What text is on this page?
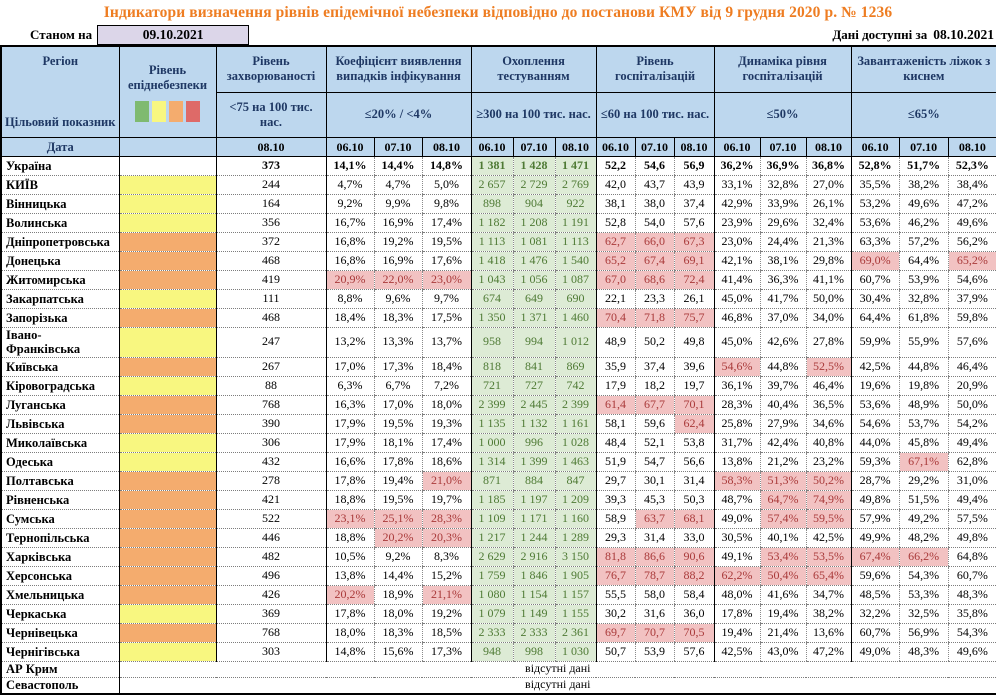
Індикатори визначення рівнів епідемічної небезпеки відповідно до постанови КМУ від 9 грудня 2020 р. № 1236
Станом на	09.10.2021	Дані доступні за 08.10.2021
Регіон
Цільовий показник	Рівень епіднебезпеки	Рівень захворюваності	Коефіцієнт виявлення випадків інфікування			Охоплення тестуванням			Рівень госпіталізацій			Динаміка рівня госпіталізацій			Завантаженість ліжок з киснем		
		<75 на 100 тис. нас.	≤20% / <4%			≥300 на 100 тис. нас.			≤60 на 100 тис. нас.			≤50%			≤65%		
Дата		08.10	06.10	07.10	08.10	06.10	07.10	08.10	06.10	07.10	08.10	06.10	07.10	08.10	06.10	07.10	08.10
Україна		373	14,1%	14,4%	14,8%	1 381	1 428	1 471	52,2	54,6	56,9	36,2%	36,9%	36,8%	52,8%	51,7%	52,3%
КИЇВ		244	4,7%	4,7%	5,0%	2 657	2 729	2 769	42,0	43,7	43,9	33,1%	32,8%	27,0%	35,5%	38,2%	38,4%
Вінницька		164	9,2%	9,9%	9,8%	898	904	922	38,1	38,0	37,4	42,9%	33,9%	26,1%	53,2%	49,6%	47,2%
Волинська		356	16,7%	16,9%	17,4%	1 182	1 208	1 191	52,8	54,0	57,6	23,9%	29,6%	32,4%	53,6%	46,2%	49,6%
Дніпропетровська		372	16,8%	19,2%	19,5%	1 113	1 081	1 113	62,7	66,0	67,3	23,0%	24,4%	21,3%	63,3%	57,2%	56,2%
Донецька		468	16,8%	16,9%	17,6%	1 418	1 476	1 540	65,2	67,4	69,1	42,1%	38,1%	29,8%	69,0%	64,4%	65,2%
Житомирська		419	20,9%	22,0%	23,0%	1 043	1 056	1 087	67,0	68,6	72,4	41,4%	36,3%	41,1%	60,7%	53,9%	54,6%
Закарпатська		111	8,8%	9,6%	9,7%	674	649	690	22,1	23,3	26,1	45,0%	41,7%	50,0%	30,4%	32,8%	37,9%
Запорізька		468	18,4%	18,3%	17,5%	1 350	1 371	1 460	70,4	71,8	75,7	46,8%	37,0%	34,0%	64,4%	61,8%	59,8%
Івано-Франківська		247	13,2%	13,3%	13,7%	958	994	1 012	48,9	50,2	49,8	45,0%	42,6%	27,8%	59,9%	55,9%	57,6%
Київська		267	17,0%	17,3%	18,4%	818	841	869	35,9	37,4	39,6	54,6%	44,8%	52,5%	42,5%	44,8%	46,4%
Кіровоградська		88	6,3%	6,7%	7,2%	721	727	742	17,9	18,2	19,7	36,1%	39,7%	46,4%	19,6%	19,8%	20,9%
Луганська		768	16,3%	17,0%	18,0%	2 399	2 445	2 399	61,4	67,7	70,1	28,3%	40,4%	36,5%	53,6%	48,9%	50,0%
Львівська		390	17,9%	19,5%	19,3%	1 135	1 132	1 161	58,1	59,6	62,4	25,8%	27,9%	34,6%	54,6%	53,7%	54,2%
Миколаївська		306	17,9%	18,1%	17,4%	1 000	996	1 028	48,4	52,1	53,8	31,7%	42,4%	40,8%	44,0%	45,8%	49,4%
Одеська		432	16,6%	17,8%	18,6%	1 314	1 399	1 463	51,9	54,7	56,6	13,8%	21,2%	23,2%	59,3%	67,1%	62,8%
Полтавська		278	17,8%	19,4%	21,0%	871	884	847	29,7	30,1	31,4	58,3%	51,3%	50,2%	28,7%	29,2%	31,0%
Рівненська		421	18,8%	19,5%	19,7%	1 185	1 197	1 209	39,3	45,3	50,3	48,7%	64,7%	74,9%	49,8%	51,5%	49,4%
Сумська		522	23,1%	25,1%	28,3%	1 109	1 171	1 160	58,9	63,7	68,1	49,0%	57,4%	59,5%	57,9%	49,2%	57,5%
Тернопільська		446	18,8%	20,2%	20,3%	1 217	1 244	1 289	29,3	31,4	33,0	30,5%	40,1%	42,5%	49,9%	48,2%	49,8%
Харківська		482	10,5%	9,2%	8,3%	2 629	2 916	3 150	81,8	86,6	90,6	49,1%	53,4%	53,5%	67,4%	66,2%	64,8%
Херсонська		496	13,8%	14,4%	15,2%	1 759	1 846	1 905	76,7	78,7	88,2	62,2%	50,4%	65,4%	59,6%	54,3%	60,7%
Хмельницька		426	20,2%	18,9%	21,1%	1 080	1 154	1 157	55,5	58,0	58,4	48,0%	41,6%	34,7%	48,5%	53,3%	48,3%
Черкаська		369	17,8%	18,0%	19,2%	1 079	1 149	1 155	30,2	31,6	36,0	17,8%	19,4%	38,2%	32,2%	32,5%	35,8%
Чернівецька		768	18,0%	18,3%	18,5%	2 333	2 333	2 361	69,7	70,7	70,5	19,4%	21,4%	13,6%	60,7%	56,9%	54,3%
Чернігівська		303	14,8%	15,6%	17,3%	948	998	1 030	50,7	53,9	57,6	42,5%	43,0%	47,2%	49,0%	48,3%	49,6%
АР Крим	відсутні дані																
Севастополь	відсутні дані																
